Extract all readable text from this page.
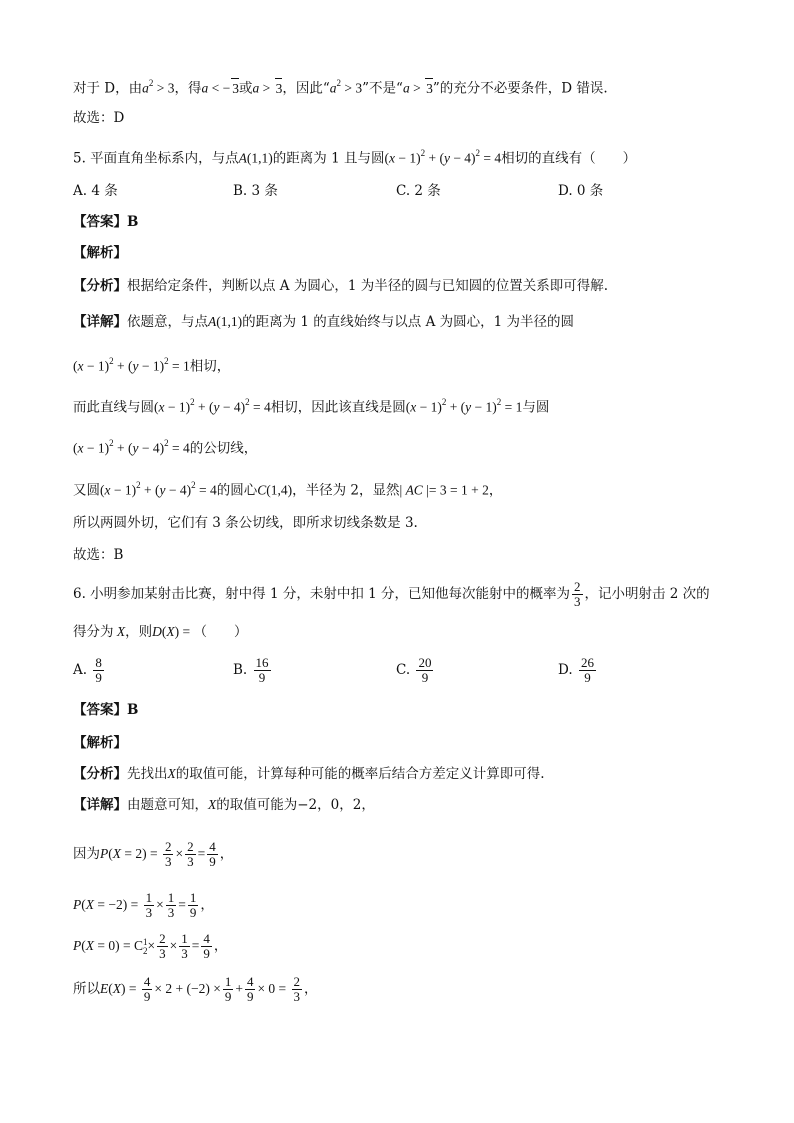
对于 D，由$a^2 > 3$，得a < − 3或a > 3，因此“$a^2 > 3$”不是“a > 3”的充分不必要条件，D 错误.
故选：D
5. 平面直角坐标系内，与点A(1,1)的距离为 1 且与圆$(x - 1)^2 + (y - 4)^2 = 4$相切的直线有（　　）
A. 4 条	B. 3 条	C. 2 条	D. 0 条
【答案】B
【解析】
【分析】根据给定条件，判断以点 A 为圆心，1 为半径的圆与已知圆的位置关系即可得解.
【详解】依题意，与点A(1,1)的距离为 1 的直线始终与以点 A 为圆心，1 为半径的圆
$(x - 1)^2 + (y - 1)^2 = 1$相切，
而此直线与圆$(x - 1)^2 + (y - 4)^2 = 4$相切，因此该直线是圆$(x - 1)^2 + (y - 1)^2 = 1$与圆
$(x - 1)^2 + (y - 4)^2 = 4$的公切线，
又圆$(x - 1)^2 + (y - 4)^2 = 4$的圆心C(1,4)，半径为 2，显然| AC |= 3 = 1 + 2，
所以两圆外切，它们有 3 条公切线，即所求切线条数是 3.
故选：B
6. 小明参加某射击比赛，射中得 1 分，未射中扣 1 分，已知他每次能射中的概率为 $\frac{2}{3}$ ，记小明射击 2 次的
得分为 X，则D(X) = （　　）
A. $\frac{8}{9}$	B. $\frac{16}{9}$	C. $\frac{20}{9}$	D. $\frac{26}{9}$
【答案】B
【解析】
【分析】先找出X的取值可能，计算每种可能的概率后结合方差定义计算即可得.
【详解】由题意可知，X的取值可能为−2，0，2，
因为$P(X = 2) = \frac{2}{3} \times \frac{2}{3} = \frac{4}{9}$ ，
$P(X = -2) = \frac{1}{3} \times \frac{1}{3} = \frac{1}{9}$ ，
P(X = 0) = C $_{1 2}\times \frac{2}{3} \times \frac{1}{3} = \frac{4}{9}$ ，
所以$E(X) = \frac{4}{9} \times 2 + (-2) \times \frac{1}{9} + \frac{4}{9} \times 0 = \frac{2}{3}$ ，
